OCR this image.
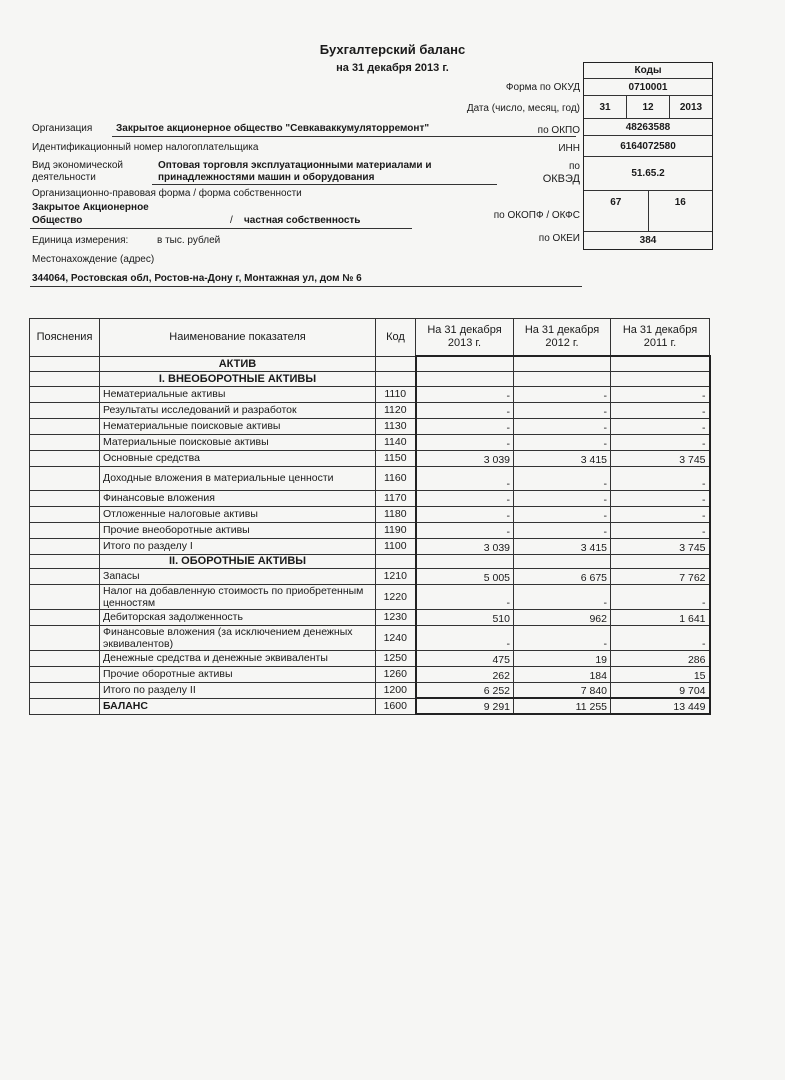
Бухгалтерский баланс
на 31 декабря 2013 г.	Коды
0710001
31	12	2013
48263588
6164072580
51.65.2
67	16
384
Форма по ОКУД
Дата (число, месяц, год)
по ОКПО
ИНН
по
ОКВЭД
по ОКОПФ / ОКФС
по ОКЕИ
Организация Закрытое акционерное общество "Севкаваккумуляторремонт"
Идентификационный номер налогоплательщика
Вид экономической
деятельности
Оптовая торговля эксплуатационными материалами и
принадлежностями машин и оборудования
Организационно-правовая форма / форма собственности
Закрытое Акционерное
Общество	/ частная собственность
Единица измерения:	в тыс. рублей
Местонахождение (адрес)
344064, Ростовская обл, Ростов-на-Дону г, Монтажная ул, дом № 6
Пояснения	Наименование показателя	Код	На 31 декабря 2013 г.	На 31 декабря 2012 г.	На 31 декабря 2011 г.
	АКТИВ				
	I. ВНЕОБОРОТНЫЕ АКТИВЫ				
	Нематериальные активы	1110	-	-	-
	Результаты исследований и разработок	1120	-	-	-
	Нематериальные поисковые активы	1130	-	-	-
	Материальные поисковые активы	1140	-	-	-
	Основные средства	1150	3 039	3 415	3 745
	Доходные вложения в материальные ценности	1160	-	-	-
	Финансовые вложения	1170	-	-	-
	Отложенные налоговые активы	1180	-	-	-
	Прочие внеоборотные активы	1190	-	-	-
	Итого по разделу I	1100	3 039	3 415	3 745
	II. ОБОРОТНЫЕ АКТИВЫ				
	Запасы	1210	5 005	6 675	7 762
	Налог на добавленную стоимость по приобретенным ценностям	1220	-	-	-
	Дебиторская задолженность	1230	510	962	1 641
	Финансовые вложения (за исключением денежных эквивалентов)	1240	-	-	-
	Денежные средства и денежные эквиваленты	1250	475	19	286
	Прочие оборотные активы	1260	262	184	15
	Итого по разделу II	1200	6 252	7 840	9 704
	БАЛАНС	1600	9 291	11 255	13 449
